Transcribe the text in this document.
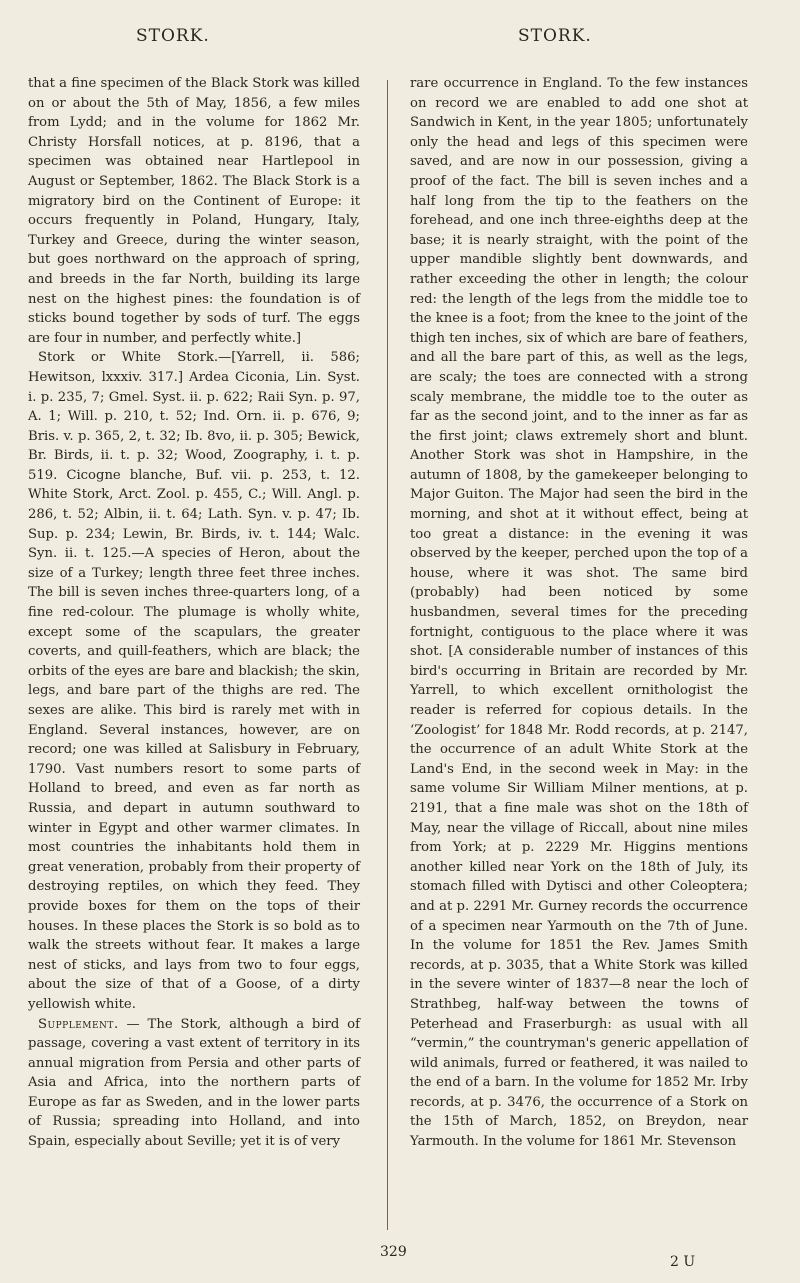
STORK.	STORK.

that a fine specimen of the Black Stork was killed on or about the 5th of May, 1856, a few miles from Lydd; and in the volume for 1862 Mr. Christy Horsfall notices, at p. 8196, that a specimen was obtained near Hartlepool in August or September, 1862. The Black Stork is a migratory bird on the Continent of Europe: it occurs frequently in Poland, Hungary, Italy, Turkey and Greece, during the winter season, but goes northward on the approach of spring, and breeds in the far North, building its large nest on the highest pines: the foundation is of sticks bound together by sods of turf. The eggs are four in number, and perfectly white.]

Stork or White Stork.—[Yarrell, ii. 586; Hewitson, lxxxiv. 317.] Ardea Ciconia, Lin. Syst. i. p. 235, 7; Gmel. Syst. ii. p. 622; Raii Syn. p. 97, A. 1; Will. p. 210, t. 52; Ind. Orn. ii. p. 676, 9; Bris. v. p. 365, 2, t. 32; Ib. 8vo, ii. p. 305; Bewick, Br. Birds, ii. t. p. 32; Wood, Zoography, i. t. p. 519. Cicogne blanche, Buf. vii. p. 253, t. 12. White Stork, Arct. Zool. p. 455, C.; Will. Angl. p. 286, t. 52; Albin, ii. t. 64; Lath. Syn. v. p. 47; Ib. Sup. p. 234; Lewin, Br. Birds, iv. t. 144; Walc. Syn. ii. t. 125.—A species of Heron, about the size of a Turkey; length three feet three inches. The bill is seven inches three-quarters long, of a fine red-colour. The plumage is wholly white, except some of the scapulars, the greater coverts, and quill-feathers, which are black; the orbits of the eyes are bare and blackish; the skin, legs, and bare part of the thighs are red. The sexes are alike. This bird is rarely met with in England. Several instances, however, are on record; one was killed at Salisbury in February, 1790. Vast numbers resort to some parts of Holland to breed, and even as far north as Russia, and depart in autumn southward to winter in Egypt and other warmer climates. In most countries the inhabitants hold them in great veneration, probably from their property of destroying reptiles, on which they feed. They provide boxes for them on the tops of their houses. In these places the Stork is so bold as to walk the streets without fear. It makes a large nest of sticks, and lays from two to four eggs, about the size of that of a Goose, of a dirty yellowish white.

Supplement. — The Stork, although a bird of passage, covering a vast extent of territory in its annual migration from Persia and other parts of Asia and Africa, into the northern parts of Europe as far as Sweden, and in the lower parts of Russia; spreading into Holland, and into Spain, especially about Seville; yet it is of very

rare occurrence in England. To the few instances on record we are enabled to add one shot at Sandwich in Kent, in the year 1805; unfortunately only the head and legs of this specimen were saved, and are now in our possession, giving a proof of the fact. The bill is seven inches and a half long from the tip to the feathers on the forehead, and one inch three-eighths deep at the base; it is nearly straight, with the point of the upper mandible slightly bent downwards, and rather exceeding the other in length; the colour red: the length of the legs from the middle toe to the knee is a foot; from the knee to the joint of the thigh ten inches, six of which are bare of feathers, and all the bare part of this, as well as the legs, are scaly; the toes are connected with a strong scaly membrane, the middle toe to the outer as far as the second joint, and to the inner as far as the first joint; claws extremely short and blunt. Another Stork was shot in Hampshire, in the autumn of 1808, by the gamekeeper belonging to Major Guiton. The Major had seen the bird in the morning, and shot at it without effect, being at too great a distance: in the evening it was observed by the keeper, perched upon the top of a house, where it was shot. The same bird (probably) had been noticed by some husbandmen, several times for the preceding fortnight, contiguous to the place where it was shot. [A considerable number of instances of this bird's occurring in Britain are recorded by Mr. Yarrell, to which excellent ornithologist the reader is referred for copious details. In the ‘Zoologist’ for 1848 Mr. Rodd records, at p. 2147, the occurrence of an adult White Stork at the Land's End, in the second week in May: in the same volume Sir William Milner mentions, at p. 2191, that a fine male was shot on the 18th of May, near the village of Riccall, about nine miles from York; at p. 2229 Mr. Higgins mentions another killed near York on the 18th of July, its stomach filled with Dytisci and other Coleoptera; and at p. 2291 Mr. Gurney records the occurrence of a specimen near Yarmouth on the 7th of June. In the volume for 1851 the Rev. James Smith records, at p. 3035, that a White Stork was killed in the severe winter of 1837—8 near the loch of Strathbeg, half-way between the towns of Peterhead and Fraserburgh: as usual with all “vermin,” the countryman's generic appellation of wild animals, furred or feathered, it was nailed to the end of a barn. In the volume for 1852 Mr. Irby records, at p. 3476, the occurrence of a Stork on the 15th of March, 1852, on Breydon, near Yarmouth. In the volume for 1861 Mr. Stevenson

329
2 U
